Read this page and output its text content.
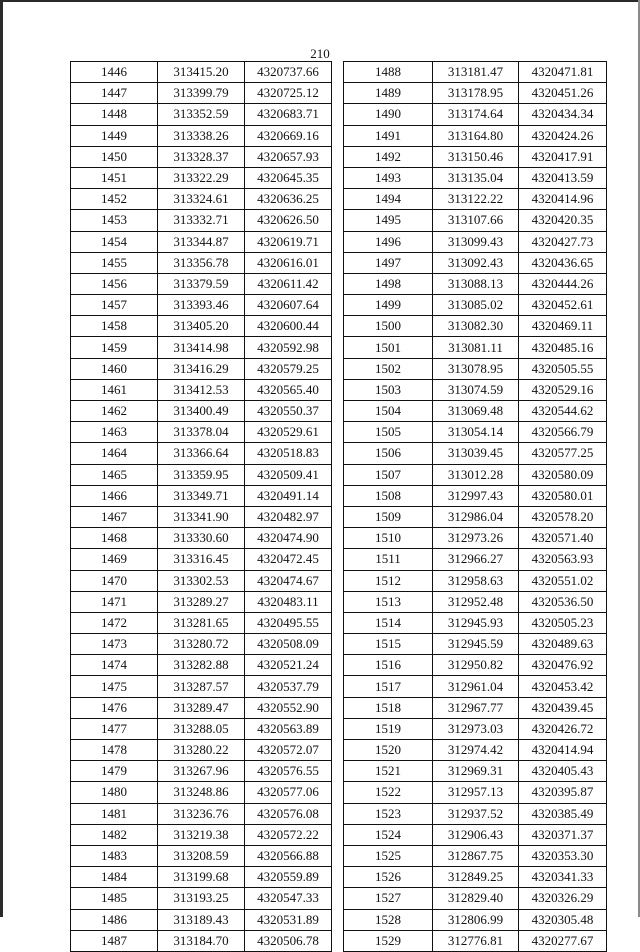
210
1446	313415.20	4320737.66
1447	313399.79	4320725.12
1448	313352.59	4320683.71
1449	313338.26	4320669.16
1450	313328.37	4320657.93
1451	313322.29	4320645.35
1452	313324.61	4320636.25
1453	313332.71	4320626.50
1454	313344.87	4320619.71
1455	313356.78	4320616.01
1456	313379.59	4320611.42
1457	313393.46	4320607.64
1458	313405.20	4320600.44
1459	313414.98	4320592.98
1460	313416.29	4320579.25
1461	313412.53	4320565.40
1462	313400.49	4320550.37
1463	313378.04	4320529.61
1464	313366.64	4320518.83
1465	313359.95	4320509.41
1466	313349.71	4320491.14
1467	313341.90	4320482.97
1468	313330.60	4320474.90
1469	313316.45	4320472.45
1470	313302.53	4320474.67
1471	313289.27	4320483.11
1472	313281.65	4320495.55
1473	313280.72	4320508.09
1474	313282.88	4320521.24
1475	313287.57	4320537.79
1476	313289.47	4320552.90
1477	313288.05	4320563.89
1478	313280.22	4320572.07
1479	313267.96	4320576.55
1480	313248.86	4320577.06
1481	313236.76	4320576.08
1482	313219.38	4320572.22
1483	313208.59	4320566.88
1484	313199.68	4320559.89
1485	313193.25	4320547.33
1486	313189.43	4320531.89
1487	313184.70	4320506.78
1488	313181.47	4320471.81
1489	313178.95	4320451.26
1490	313174.64	4320434.34
1491	313164.80	4320424.26
1492	313150.46	4320417.91
1493	313135.04	4320413.59
1494	313122.22	4320414.96
1495	313107.66	4320420.35
1496	313099.43	4320427.73
1497	313092.43	4320436.65
1498	313088.13	4320444.26
1499	313085.02	4320452.61
1500	313082.30	4320469.11
1501	313081.11	4320485.16
1502	313078.95	4320505.55
1503	313074.59	4320529.16
1504	313069.48	4320544.62
1505	313054.14	4320566.79
1506	313039.45	4320577.25
1507	313012.28	4320580.09
1508	312997.43	4320580.01
1509	312986.04	4320578.20
1510	312973.26	4320571.40
1511	312966.27	4320563.93
1512	312958.63	4320551.02
1513	312952.48	4320536.50
1514	312945.93	4320505.23
1515	312945.59	4320489.63
1516	312950.82	4320476.92
1517	312961.04	4320453.42
1518	312967.77	4320439.45
1519	312973.03	4320426.72
1520	312974.42	4320414.94
1521	312969.31	4320405.43
1522	312957.13	4320395.87
1523	312937.52	4320385.49
1524	312906.43	4320371.37
1525	312867.75	4320353.30
1526	312849.25	4320341.33
1527	312829.40	4320326.29
1528	312806.99	4320305.48
1529	312776.81	4320277.67
